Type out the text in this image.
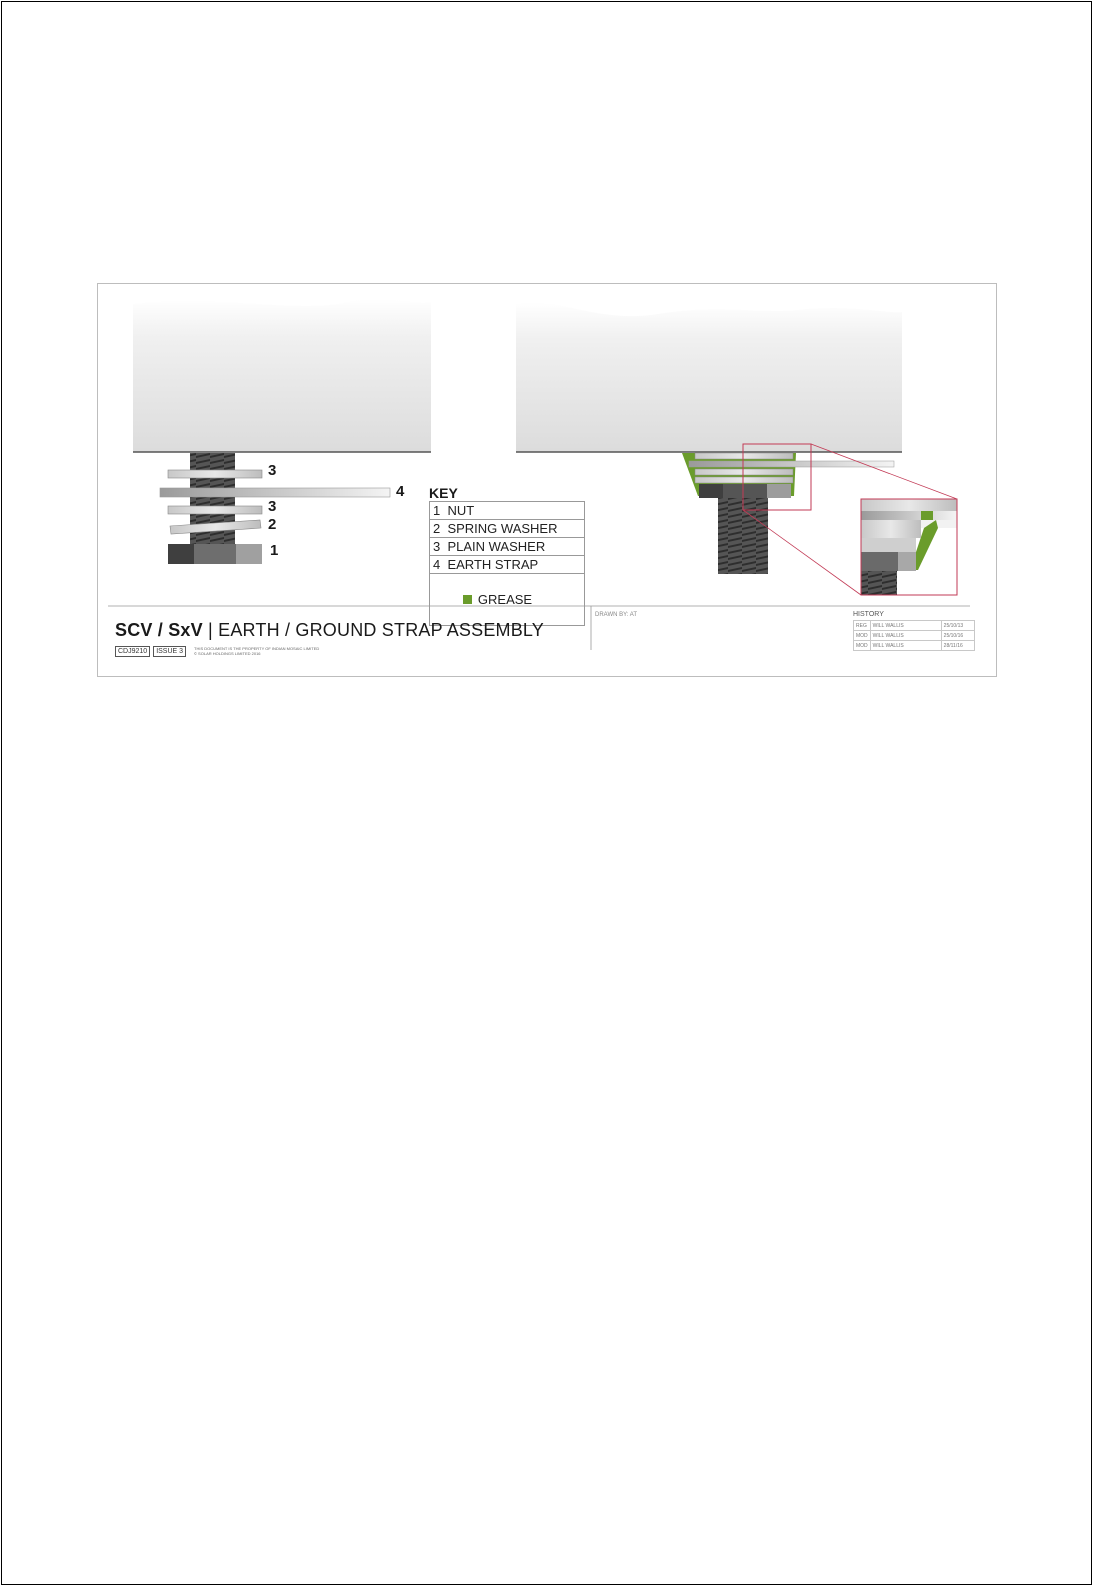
3
4
3
2
1
KEY
1  NUT
2  SPRING WASHER
3  PLAIN WASHER
4  EARTH STRAP

GREASE

SCV / SxV | EARTH / GROUND STRAP ASSEMBLY
CDJ9210	ISSUE 3	THIS DOCUMENT IS THE PROPERTY OF INDIAN MOSAIC LIMITED
© SOLAR HOLDINGS LIMITED 2016
DRAWN BY: AT	HISTORY
REG	WILL WALLIS	25/10/13
MOD	WILL WALLIS	25/10/16
MOD	WILL WALLIS	28/11/16
